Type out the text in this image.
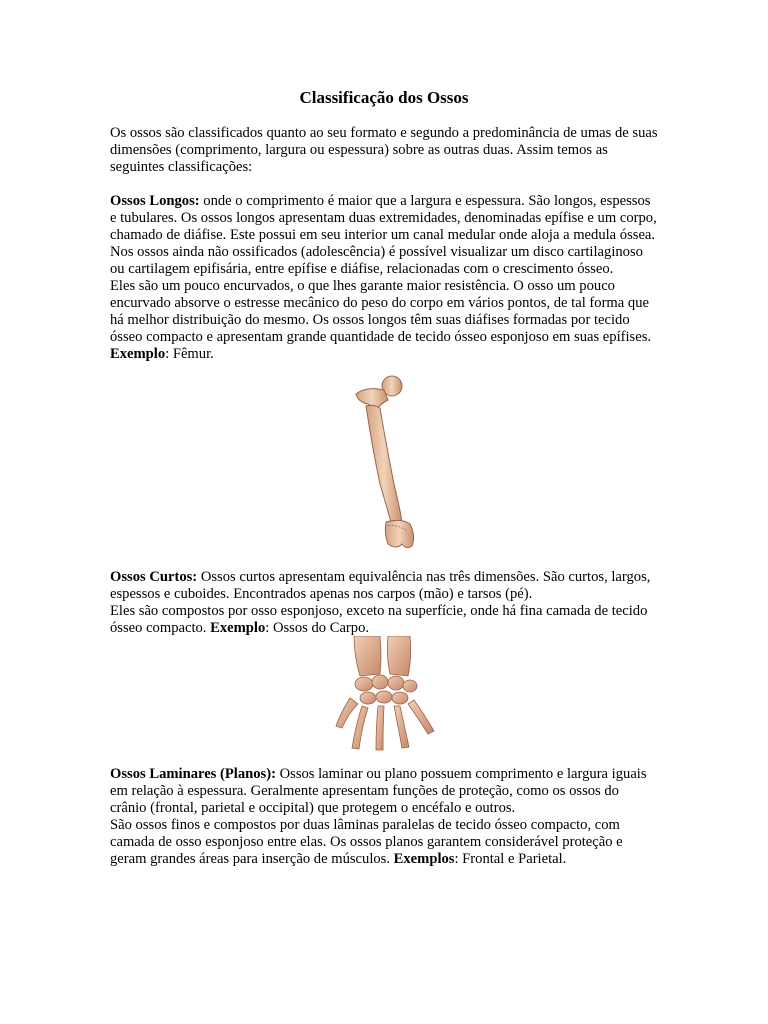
Classificação dos Ossos

Os ossos são classificados quanto ao seu formato e segundo a predominância de umas de suas dimensões (comprimento, largura ou espessura) sobre as outras duas. Assim temos as seguintes classificações:

Ossos Longos: onde o comprimento é maior que a largura e espessura. São longos, espessos e tubulares. Os ossos longos apresentam duas extremidades, denominadas epífise e um corpo, chamado de diáfise. Este possui em seu interior um canal medular onde aloja a medula óssea. Nos ossos ainda não ossificados (adolescência) é possível visualizar um disco cartilaginoso ou cartilagem epifisária, entre epífise e diáfise, relacionadas com o crescimento ósseo.
Eles são um pouco encurvados, o que lhes garante maior resistência. O osso um pouco encurvado absorve o estresse mecânico do peso do corpo em vários pontos, de tal forma que há melhor distribuição do mesmo. Os ossos longos têm suas diáfises formadas por tecido ósseo compacto e apresentam grande quantidade de tecido ósseo esponjoso em suas epífises. Exemplo: Fêmur.

Ossos Curtos: Ossos curtos apresentam equivalência nas três dimensões. São curtos, largos, espessos e cuboides. Encontrados apenas nos carpos (mão) e tarsos (pé).
Eles são compostos por osso esponjoso, exceto na superfície, onde há fina camada de tecido ósseo compacto. Exemplo: Ossos do Carpo.

Ossos Laminares (Planos): Ossos laminar ou plano possuem comprimento e largura iguais em relação à espessura. Geralmente apresentam funções de proteção, como os ossos do crânio (frontal, parietal e occipital) que protegem o encéfalo e outros.
São ossos finos e compostos por duas lâminas paralelas de tecido ósseo compacto, com camada de osso esponjoso entre elas. Os ossos planos garantem considerável proteção e geram grandes áreas para inserção de músculos. Exemplos: Frontal e Parietal.
